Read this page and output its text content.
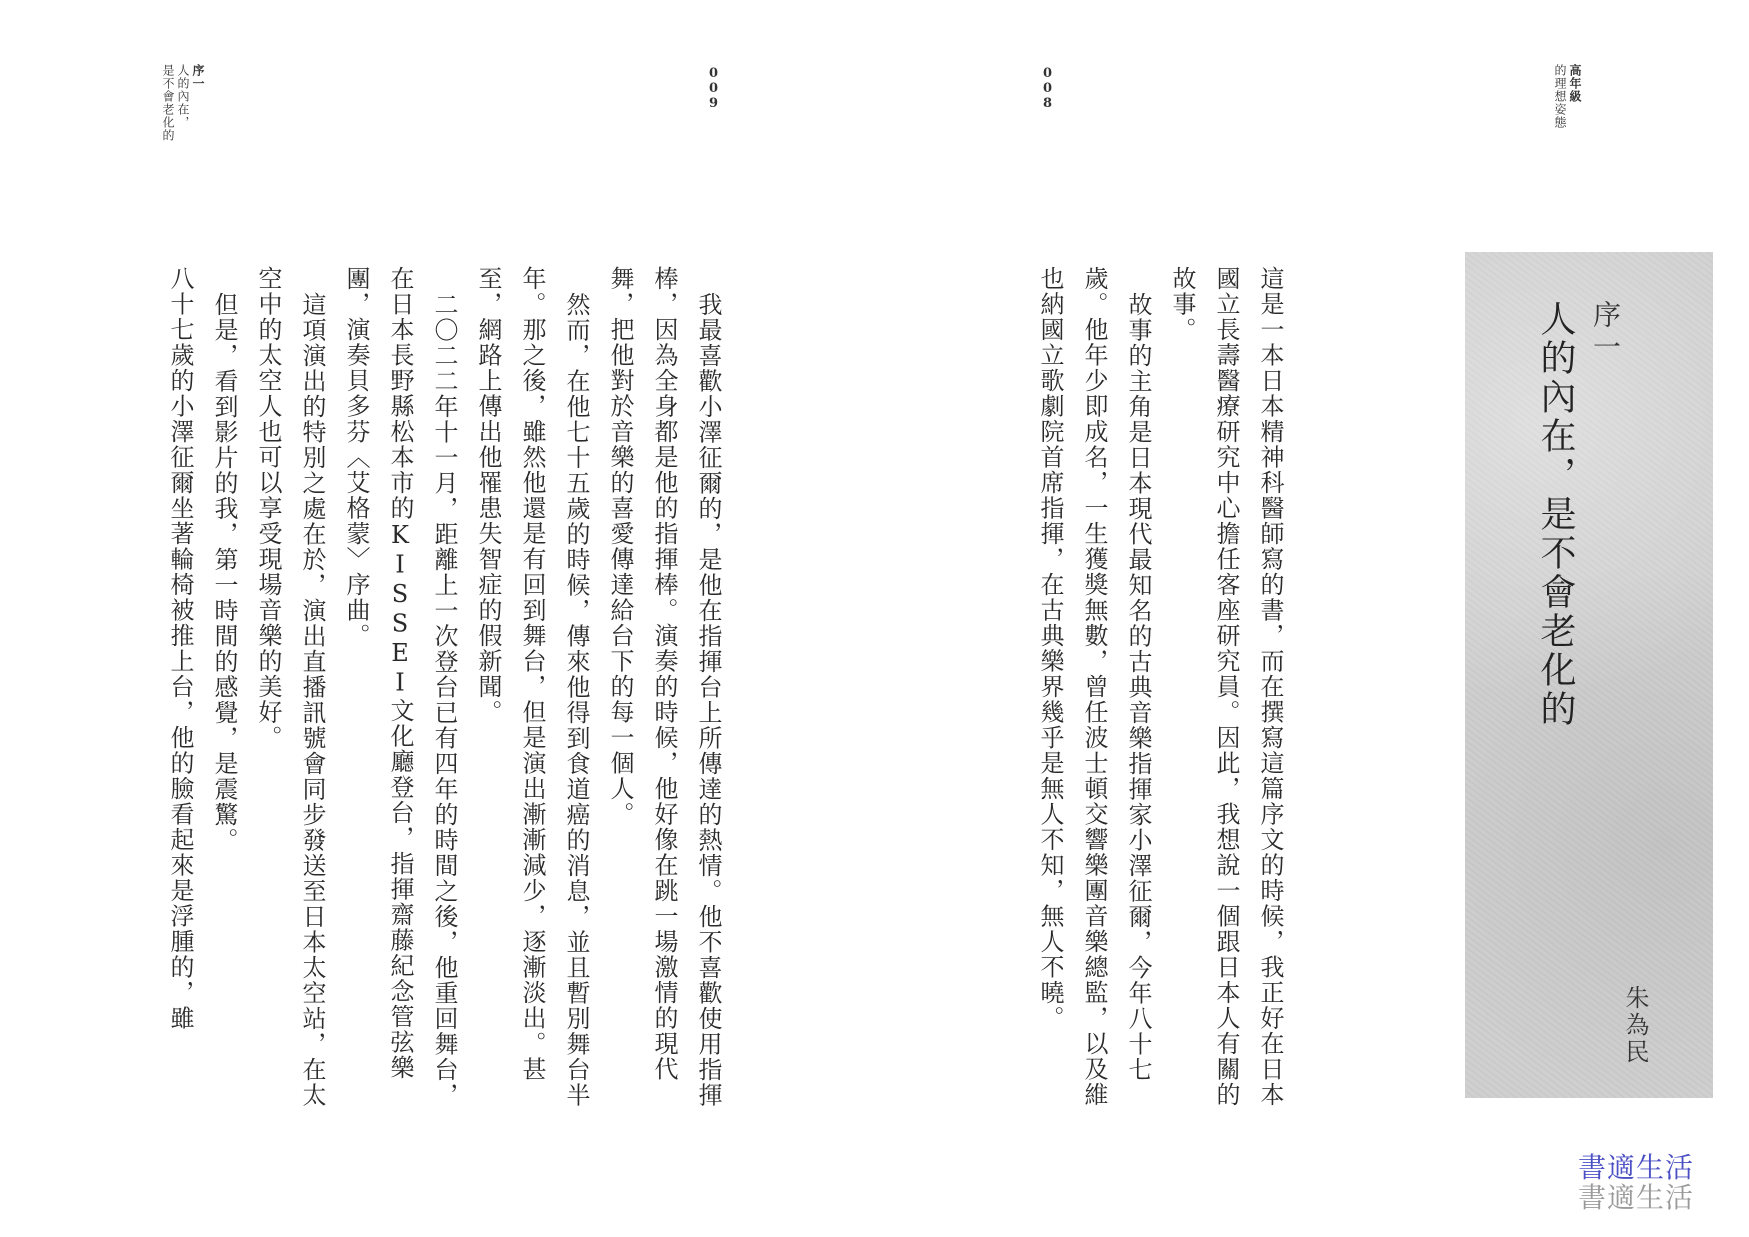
序一
人的內在，
是不會老化的	009	008	高年級
的理想姿態
序一
人的內在，是不會老化的
朱為民

這是一本日本精神科醫師寫的書，而在撰寫這篇序文的時候，我正好在日本國立長壽醫療研究中心擔任客座研究員。因此，我想說一個跟日本人有關的故事。

故事的主角是日本現代最知名的古典音樂指揮家小澤征爾，今年八十七歲。他年少即成名，一生獲獎無數，曾任波士頓交響樂團音樂總監，以及維也納國立歌劇院首席指揮，在古典樂界幾乎是無人不知，無人不曉。

我最喜歡小澤征爾的，是他在指揮台上所傳達的熱情。他不喜歡使用指揮棒，因為全身都是他的指揮棒。演奏的時候，他好像在跳一場激情的現代舞，把他對於音樂的喜愛傳達給台下的每一個人。

然而，在他七十五歲的時候，傳來他得到食道癌的消息，並且暫別舞台半年。那之後，雖然他還是有回到舞台，但是演出漸漸減少，逐漸淡出。甚至，網路上傳出他罹患失智症的假新聞。

二〇二二年十一月，距離上一次登台已有四年的時間之後，他重回舞台，在日本長野縣松本市的KISSEI文化廳登台，指揮齋藤紀念管弦樂團，演奏貝多芬〈艾格蒙〉序曲。

這項演出的特別之處在於，演出直播訊號會同步發送至日本太空站，在太空中的太空人也可以享受現場音樂的美好。

但是，看到影片的我，第一時間的感覺，是震驚。

八十七歲的小澤征爾坐著輪椅被推上台，他的臉看起來是浮腫的，雖

書適生活
書適生活
